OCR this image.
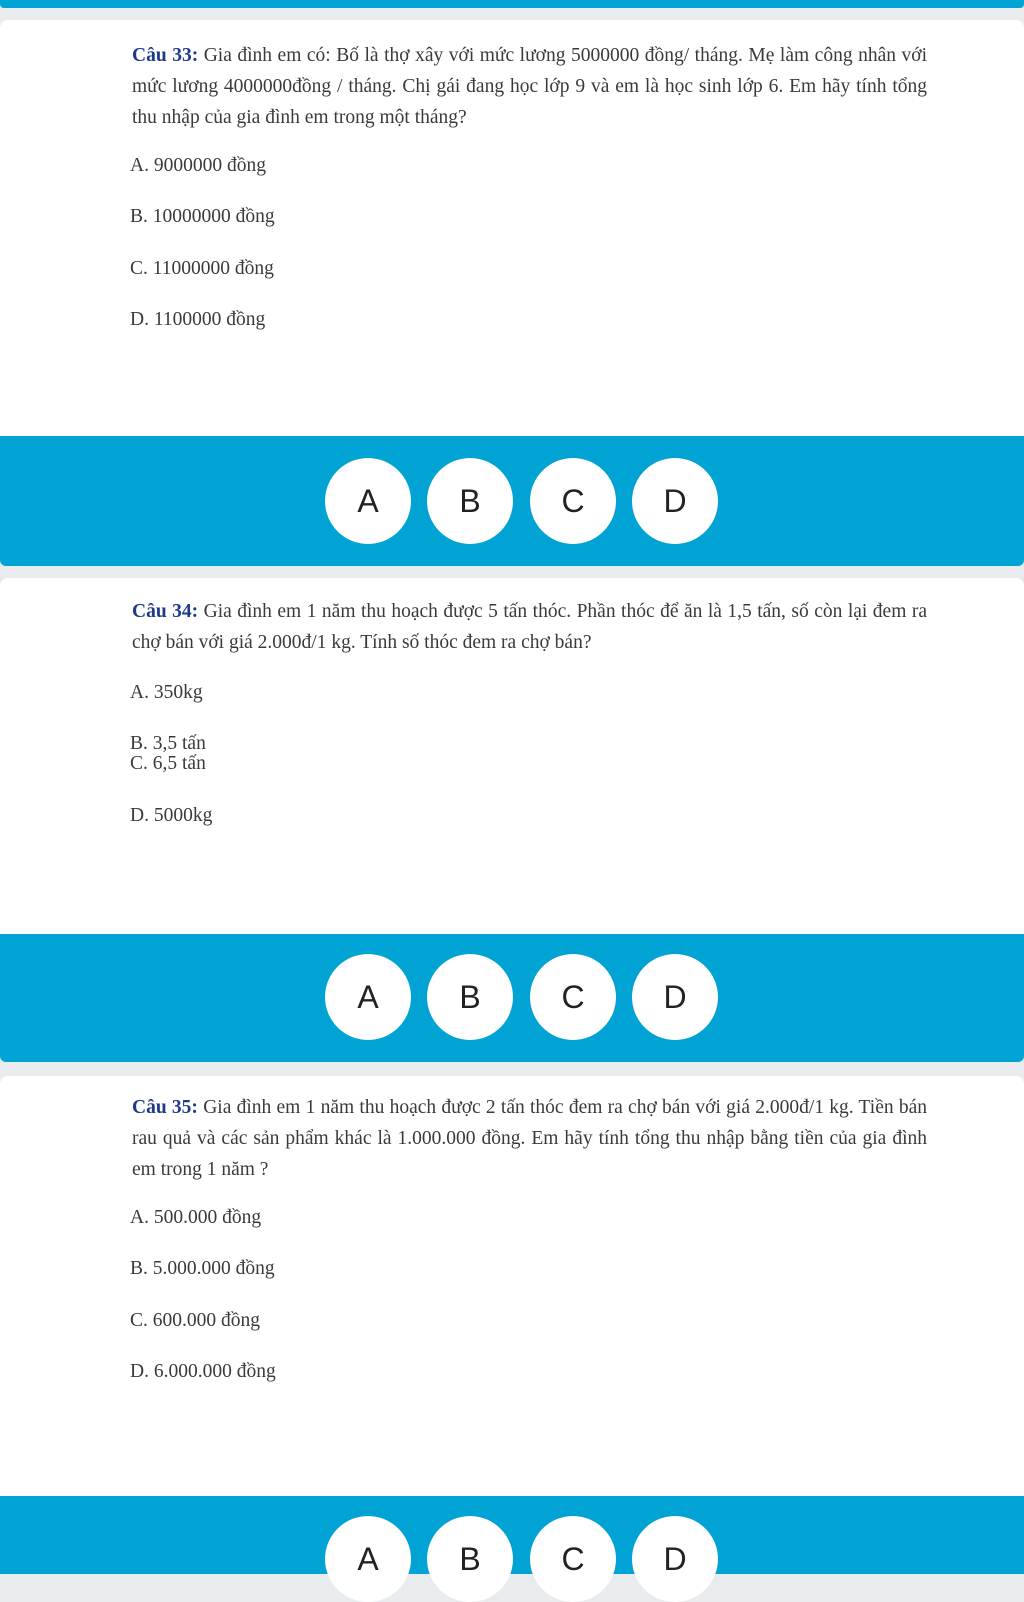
Câu 33: Gia đình em có: Bố là thợ xây với mức lương 5000000 đồng/ tháng. Mẹ làm công nhân với mức lương 4000000đồng / tháng. Chị gái đang học lớp 9 và em là học sinh lớp 6. Em hãy tính tổng thu nhập của gia đình em trong một tháng?

A. 9000000 đồng

B. 10000000 đồng

C. 11000000 đồng

D. 1100000 đồng

A	B	C	D

Câu 34: Gia đình em 1 năm thu hoạch được 5 tấn thóc. Phần thóc để ăn là 1,5 tấn, số còn lại đem ra chợ bán với giá 2.000đ/1 kg. Tính số thóc đem ra chợ bán?

A. 350kg

B. 3,5 tấn

C. 6,5 tấn

D. 5000kg

A	B	C	D

Câu 35: Gia đình em 1 năm thu hoạch được 2 tấn thóc đem ra chợ bán với giá 2.000đ/1 kg. Tiền bán rau quả và các sản phẩm khác là 1.000.000 đồng. Em hãy tính tổng thu nhập bằng tiền của gia đình em trong 1 năm ?

A. 500.000 đồng

B. 5.000.000 đồng

C. 600.000 đồng

D. 6.000.000 đồng

A	B	C	D
